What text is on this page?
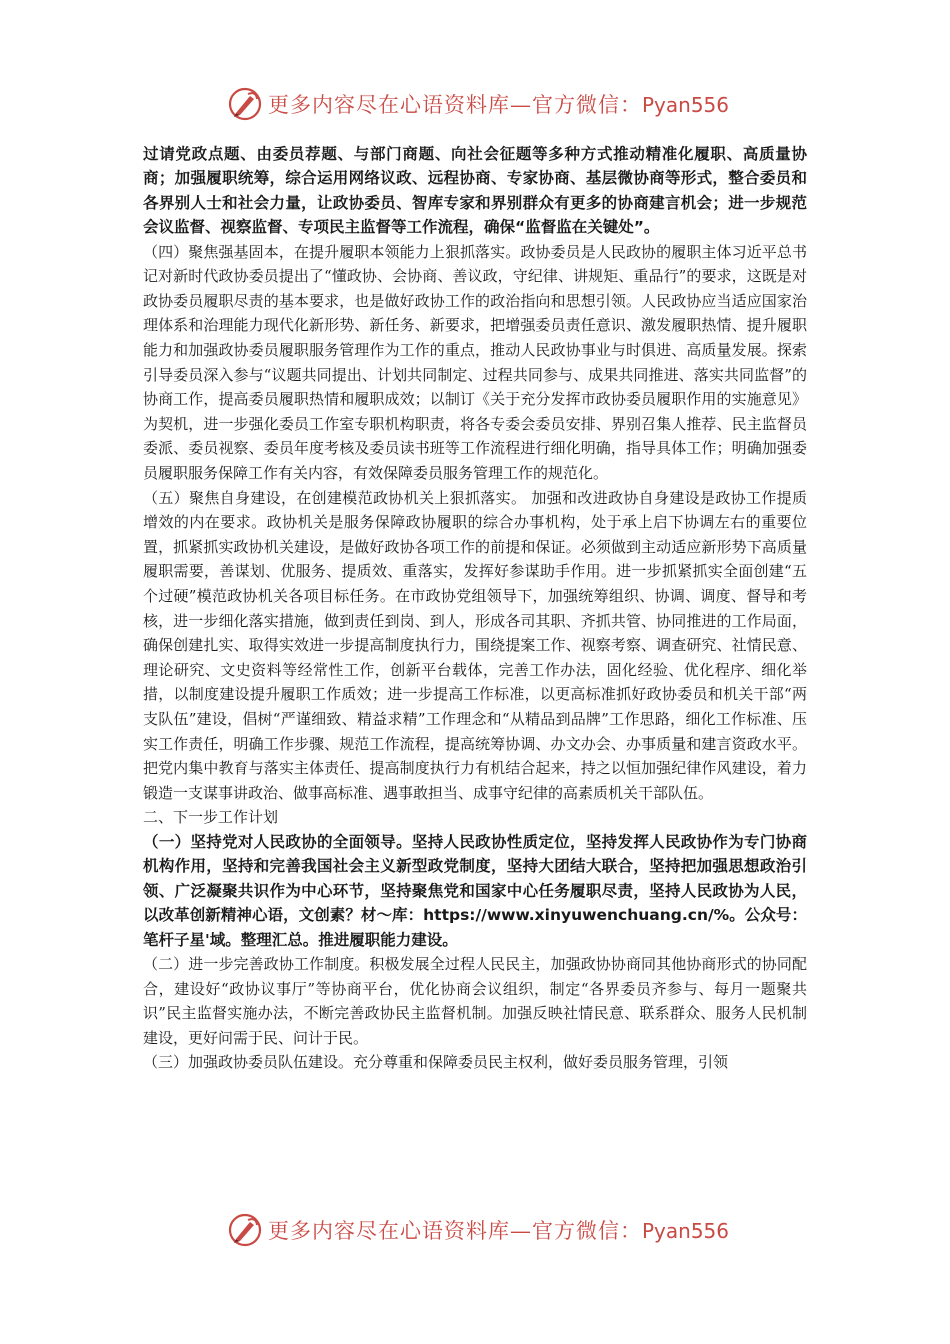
更多内容尽在心语资料库—官方微信：Pyan556

过请党政点题、由委员荐题、与部门商题、向社会征题等多种方式推动精准化履职、高质量协商；加强履职统筹，综合运用网络议政、远程协商、专家协商、基层微协商等形式，整合委员和各界别人士和社会力量，让政协委员、智库专家和界别群众有更多的协商建言机会；进一步规范会议监督、视察监督、专项民主监督等工作流程，确保“监督监在关键处”。

（四）聚焦强基固本，在提升履职本领能力上狠抓落实。政协委员是人民政协的履职主体习近平总书记对新时代政协委员提出了“懂政协、会协商、善议政，守纪律、讲规矩、重品行”的要求，这既是对政协委员履职尽责的基本要求，也是做好政协工作的政治指向和思想引领。人民政协应当适应国家治理体系和治理能力现代化新形势、新任务、新要求，把增强委员责任意识、激发履职热情、提升履职能力和加强政协委员履职服务管理作为工作的重点，推动人民政协事业与时俱进、高质量发展。探索引导委员深入参与“议题共同提出、计划共同制定、过程共同参与、成果共同推进、落实共同监督”的协商工作，提高委员履职热情和履职成效；以制订《关于充分发挥市政协委员履职作用的实施意见》为契机，进一步强化委员工作室专职机构职责，将各专委会委员安排、界别召集人推荐、民主监督员委派、委员视察、委员年度考核及委员读书班等工作流程进行细化明确，指导具体工作；明确加强委员履职服务保障工作有关内容，有效保障委员服务管理工作的规范化。

（五）聚焦自身建设，在创建模范政协机关上狠抓落实。 加强和改进政协自身建设是政协工作提质增效的内在要求。政协机关是服务保障政协履职的综合办事机构，处于承上启下协调左右的重要位置，抓紧抓实政协机关建设，是做好政协各项工作的前提和保证。必须做到主动适应新形势下高质量履职需要，善谋划、优服务、提质效、重落实，发挥好参谋助手作用。进一步抓紧抓实全面创建“五个过硬”模范政协机关各项目标任务。在市政协党组领导下，加强统筹组织、协调、调度、督导和考核，进一步细化落实措施，做到责任到岗、到人，形成各司其职、齐抓共管、协同推进的工作局面，确保创建扎实、取得实效进一步提高制度执行力，围绕提案工作、视察考察、调查研究、社情民意、理论研究、文史资料等经常性工作，创新平台载体，完善工作办法，固化经验、优化程序、细化举措，以制度建设提升履职工作质效；进一步提高工作标准，以更高标准抓好政协委员和机关干部“两支队伍”建设，倡树“严谨细致、精益求精”工作理念和“从精品到品牌”工作思路，细化工作标准、压实工作责任，明确工作步骤、规范工作流程，提高统筹协调、办文办会、办事质量和建言资政水平。把党内集中教育与落实主体责任、提高制度执行力有机结合起来，持之以恒加强纪律作风建设，着力锻造一支谋事讲政治、做事高标准、遇事敢担当、成事守纪律的高素质机关干部队伍。

二、下一步工作计划

（一）坚持党对人民政协的全面领导。坚持人民政协性质定位，坚持发挥人民政协作为专门协商机构作用，坚持和完善我国社会主义新型政党制度，坚持大团结大联合，坚持把加强思想政治引领、广泛凝聚共识作为中心环节，坚持聚焦党和国家中心任务履职尽责，坚持人民政协为人民，以改革创新精神心语，文创素？材～库：https://www.xinyuwenchuang.cn/%。公众号：笔杆子星'域。整理汇总。推进履职能力建设。

（二）进一步完善政协工作制度。积极发展全过程人民民主，加强政协协商同其他协商形式的协同配合，建设好“政协议事厅”等协商平台，优化协商会议组织，制定“各界委员齐参与、每月一题聚共识”民主监督实施办法，不断完善政协民主监督机制。加强反映社情民意、联系群众、服务人民机制建设，更好问需于民、问计于民。

（三）加强政协委员队伍建设。充分尊重和保障委员民主权利，做好委员服务管理，引领

更多内容尽在心语资料库—官方微信：Pyan556
